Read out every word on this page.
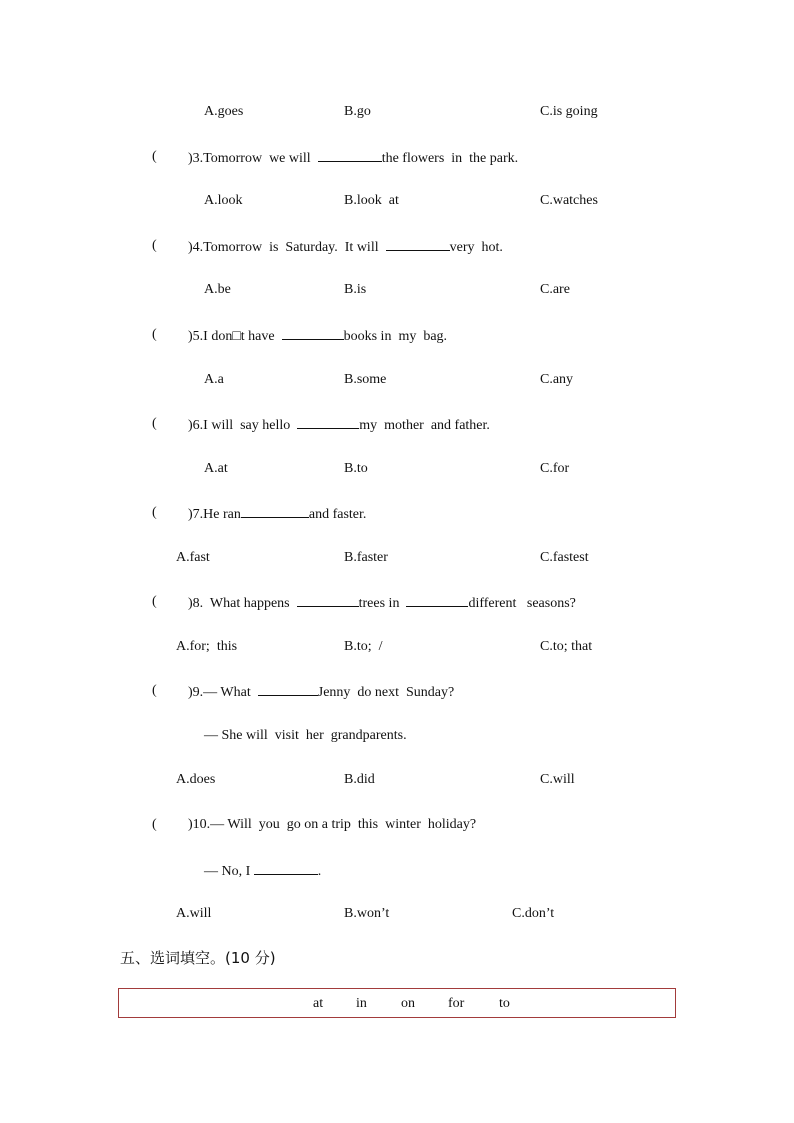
A.goes	B.go	C.is going
( )3.Tomorrow  we will	the flowers  in  the park.
A.look	B.look  at	C.watches
( )4.Tomorrow  is  Saturday.  It will	very  hot.
A.be	B.is	C.are
( )5.I don□t have	books in  my  bag.
A.a	B.some	C.any
( )6.I will  say hello	my  mother  and father.
A.at	B.to	C.for
( )7.He ran	and faster.
A.fast	B.faster	C.fastest
( )8.  What happens	trees in	different   seasons?
A.for;  this	B.to;  /	C.to; that
( )9.— What	Jenny  do next  Sunday?
— She will  visit  her  grandparents.
A.does	B.did	C.will
( )10.— Will  you  go on a trip  this  winter  holiday?
— No, I	.
A.will	B.won’t	C.don’t
五、选词填空。(10 分)
at in on for to
